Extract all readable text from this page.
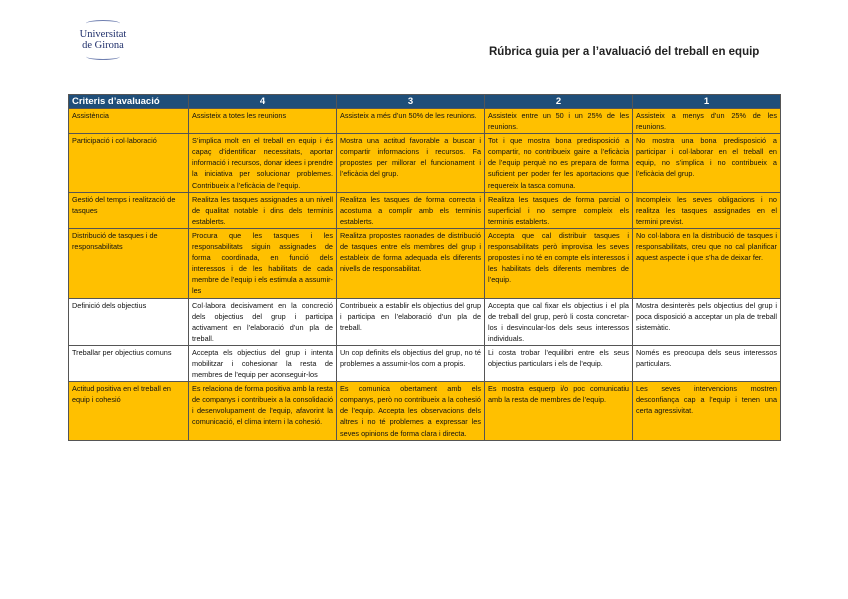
Universitat
de Girona
Rúbrica guia per a l’avaluació del treball en equip
Criteris d’avaluació	4	3	2	1
Assistència	Assisteix a totes les reunions	Assisteix a més d’un 50% de les reunions.	Assisteix entre un 50 i un 25% de les reunions.	Assisteix a menys d’un 25% de les reunions.
Participació i col·laboració	S’implica molt en el treball en equip i és capaç d’identificar necessitats, aportar informació i recursos, donar idees i prendre la iniciativa per solucionar problemes. Contribueix a l’eficàcia de l’equip.	Mostra una actitud favorable a buscar i compartir informacions i recursos. Fa propostes per millorar el funcionament i l’eficàcia del grup.	Tot i que mostra bona predisposició a compartir, no contribueix gaire a l’eficàcia de l’equip perquè no es prepara de forma suficient per poder fer les aportacions que requereix la tasca comuna.	No mostra una bona predisposició a participar i col·laborar en el treball en equip, no s’implica i no contribueix a l’eficàcia del grup.
Gestió del temps i realització de tasques	Realitza les tasques assignades a un nivell de qualitat notable i dins dels terminis establerts.	Realitza les tasques de forma correcta i acostuma a complir amb els terminis establerts.	Realitza les tasques de forma parcial o superficial i no sempre compleix els terminis establerts.	Incompleix les seves obligacions i no realitza les tasques assignades en el termini previst.
Distribució de tasques i de responsabilitats	Procura que les tasques i les responsabilitats siguin assignades de forma coordinada, en funció dels interessos i de les habilitats de cada membre de l’equip i els estimula a assumir-les	Realitza propostes raonades de distribució de tasques entre els membres del grup i estableix de forma adequada els diferents nivells de responsabilitat.	Accepta que cal distribuir tasques i responsabilitats però improvisa les seves propostes i no té en compte els interessos i les habilitats dels diferents membres de l’equip.	No col·labora en la distribució de tasques i responsabilitats, creu que no cal planificar aquest aspecte i que s’ha de deixar fer.
Definició dels objectius	Col·labora decisivament en la concreció dels objectius del grup i participa activament en l’elaboració d’un pla de treball.	Contribueix a establir els objectius del grup i participa en l’elaboració d’un pla de treball.	Accepta que cal fixar els objectius i el pla de treball del grup, però li costa concretar-los i desvincular-los dels seus interessos individuals.	Mostra desinterès pels objectius del grup i poca disposició a acceptar un pla de treball sistemàtic.
Treballar per objectius comuns	Accepta els objectius del grup i intenta mobilitzar i cohesionar la resta de membres de l’equip per aconseguir-los	Un cop definits els objectius del grup, no té problemes a assumir-los com a propis.	Li costa trobar l’equilibri entre els seus objectius particulars i els de l’equip.	Només es preocupa dels seus interessos particulars.
Actitud positiva en el treball en equip i cohesió	Es relaciona de forma positiva amb la resta de companys i contribueix a la consolidació i desenvolupament de l’equip, afavorint la comunicació, el clima intern i la cohesió.	Es comunica obertament amb els companys, però no contribueix a la cohesió de l’equip. Accepta les observacions dels altres i no té problemes a expressar les seves opinions de forma clara i directa.	Es mostra esquerp i/o poc comunicatiu amb la resta de membres de l’equip.	Les seves intervencions mostren desconfiança cap a l’equip i tenen una certa agressivitat.
